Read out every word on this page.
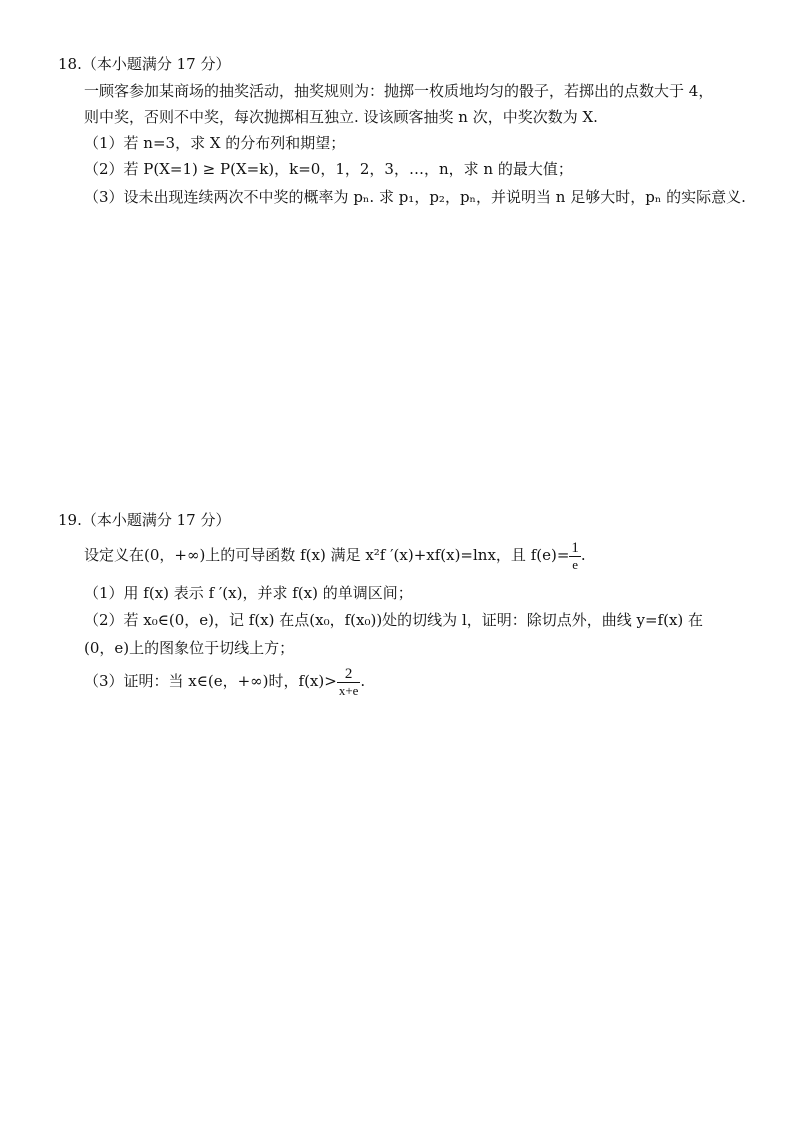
18.（本小题满分 17 分）
一顾客参加某商场的抽奖活动，抽奖规则为：抛掷一枚质地均匀的骰子，若掷出的点数大于 4，
则中奖，否则不中奖，每次抛掷相互独立. 设该顾客抽奖 n 次，中奖次数为 X.
（1）若 n=3，求 X 的分布列和期望；
（2）若 P(X=1) ≥ P(X=k)，k=0，1，2，3，…，n，求 n 的最大值；
（3）设未出现连续两次不中奖的概率为 pₙ. 求 p₁，p₂，pₙ，并说明当 n 足够大时，pₙ 的实际意义.
19.（本小题满分 17 分）
设定义在(0，+∞)上的可导函数 f(x) 满足 x²f ′(x)+xf(x)=lnx，且 $f(e)= \frac{1}{e}$ .
（1）用 f(x) 表示 f ′(x)，并求 f(x) 的单调区间；
（2）若 x₀∈(0，e)，记 f(x) 在点(x₀，f(x₀))处的切线为 l，证明：除切点外，曲线 y=f(x) 在
(0，e)上的图象位于切线上方；
（3）证明：当 x∈(e，+∞)时，$f(x)> \frac{2}{x+e}$ .
